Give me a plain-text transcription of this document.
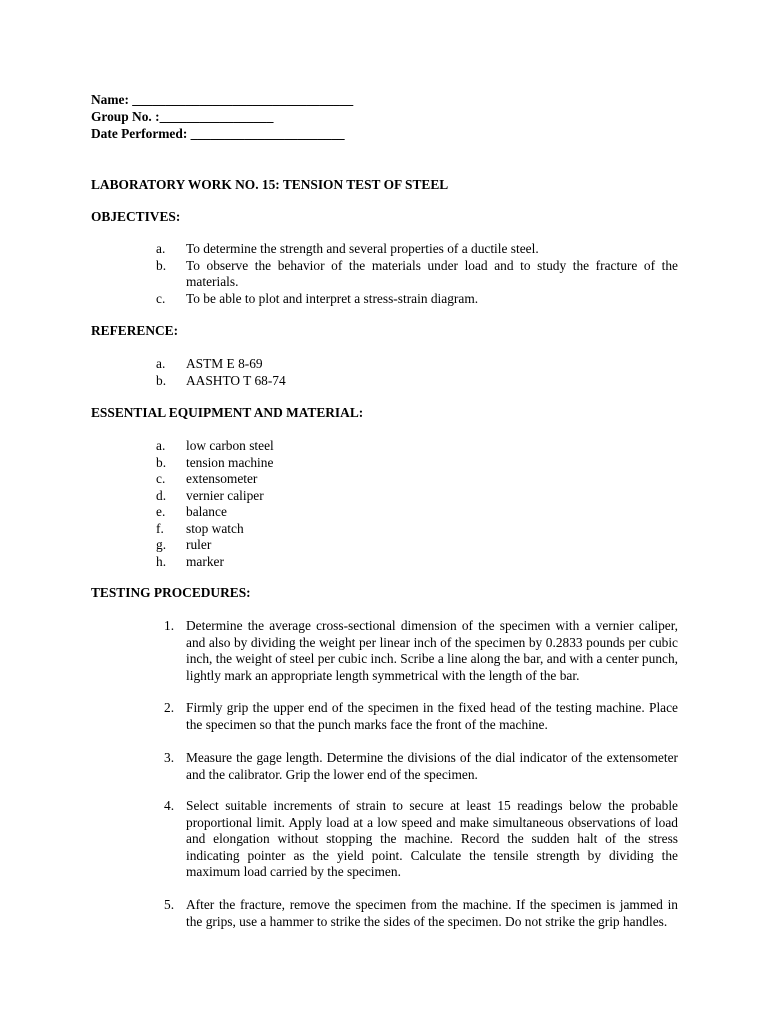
Name: _________________________________
Group No. :_________________
Date Performed: _______________________
LABORATORY WORK NO. 15: TENSION TEST OF STEEL
OBJECTIVES:
a. To determine the strength and several properties of a ductile steel.
b. To observe the behavior of the materials under load and to study the fracture of the materials.
c. To be able to plot and interpret a stress-strain diagram.
REFERENCE:
a. ASTM E 8-69
b. AASHTO T 68-74
ESSENTIAL EQUIPMENT AND MATERIAL:
a. low carbon steel
b. tension machine
c. extensometer
d. vernier caliper
e. balance
f. stop watch
g. ruler
h. marker
TESTING PROCEDURES:
1. Determine the average cross-sectional dimension of the specimen with a vernier caliper, and also by dividing the weight per linear inch of the specimen by 0.2833 pounds per cubic inch, the weight of steel per cubic inch. Scribe a line along the bar, and with a center punch, lightly mark an appropriate length symmetrical with the length of the bar.
2. Firmly grip the upper end of the specimen in the fixed head of the testing machine. Place the specimen so that the punch marks face the front of the machine.
3. Measure the gage length. Determine the divisions of the dial indicator of the extensometer and the calibrator. Grip the lower end of the specimen.
4. Select suitable increments of strain to secure at least 15 readings below the probable proportional limit. Apply load at a low speed and make simultaneous observations of load and elongation without stopping the machine. Record the sudden halt of the stress indicating pointer as the yield point. Calculate the tensile strength by dividing the maximum load carried by the specimen.
5. After the fracture, remove the specimen from the machine. If the specimen is jammed in the grips, use a hammer to strike the sides of the specimen. Do not strike the grip handles.
